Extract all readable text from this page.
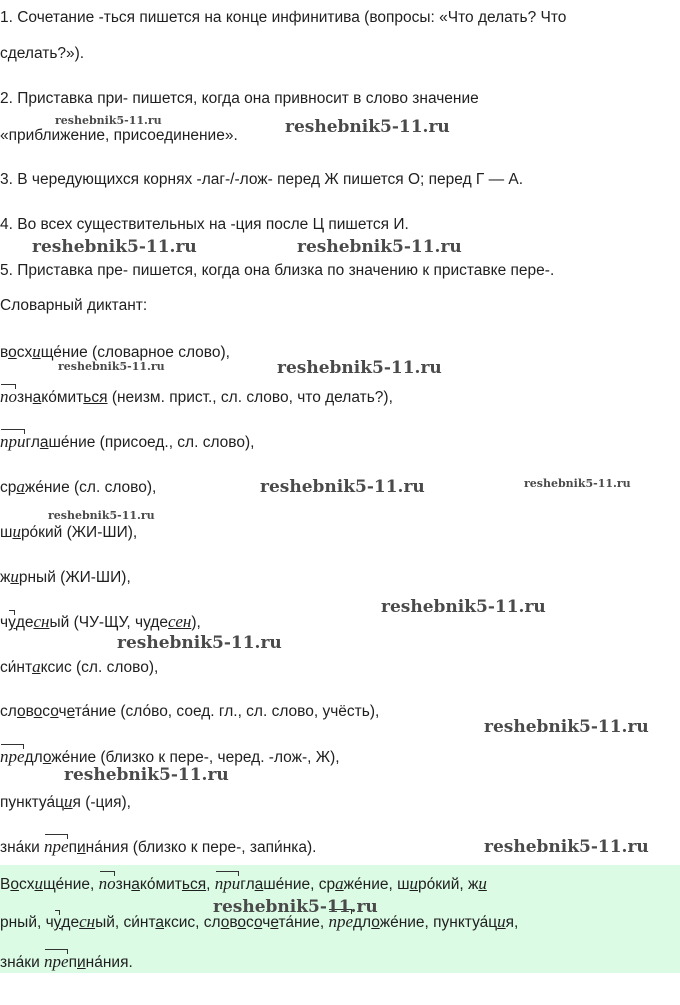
1. Сочетание -ться пишется на конце инфинитива (вопросы: «Что делать? Что
сделать?»).
2. Приставка при- пишется, когда она привносит в слово значение
«приближение, присоединение».
3. В чередующихся корнях -лаг-/-лож- перед Ж пишется О; перед Г — А.
4. Во всех существительных на -ция после Ц пишется И.
5. Приставка пре- пишется, когда она близка по значению к приставке пере-.
Словарный диктант:
восхище́ние (словарное слово),
познако́миться (неизм. прист., сл. слово, что делать?),
приглаше́ние (присоед., сл. слово),
сраже́ние (сл. слово),
широ́кий (ЖИ-ШИ),
жирный (ЖИ-ШИ),
чудесный (ЧУ-ЩУ, чудесен),
си́нтаксис (сл. слово),
словосочета́ние (сло́во, соед. гл., сл. слово, учёсть),
предложе́ние (близко к пере-, черед. -лож-, Ж),
пунктуа́ция (-ция),
зна́ки препина́ния (близко к пере-, запи́нка).
Восхище́ние, познако́миться, приглаше́ние, сраже́ние, широ́кий, жи
рный, чудесный, си́нтаксис, словосочета́ние, предложе́ние, пунктуа́ция,
зна́ки препина́ния.
reshebnik5-11.ru	reshebnik5-11.ru
reshebnik5-11.ru	reshebnik5-11.ru
reshebnik5-11.ru	reshebnik5-11.ru
reshebnik5-11.ru	reshebnik5-11.ru
reshebnik5-11.ru
reshebnik5-11.ru
reshebnik5-11.ru
reshebnik5-11.ru
reshebnik5-11.ru
reshebnik5-11.ru
reshebnik5-11.ru
